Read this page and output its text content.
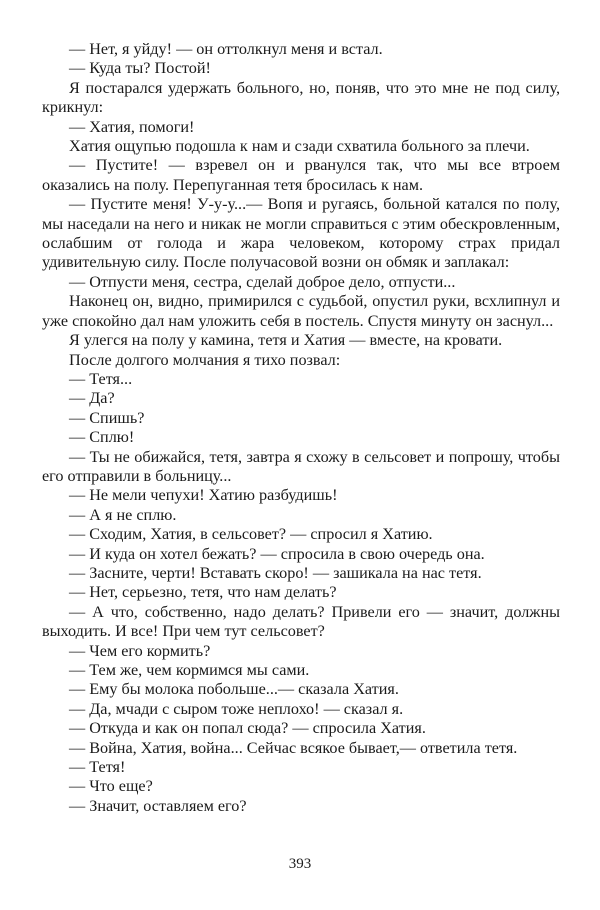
— Нет, я уйду! — он оттолкнул меня и встал.

— Куда ты? Постой!

Я постарался удержать больного, но, поняв, что это мне не под силу, крикнул:

— Хатия, помоги!

Хатия ощупью подошла к нам и сзади схватила больного за плечи.

— Пустите! — взревел он и рванулся так, что мы все втроем оказались на полу. Перепуганная тетя бросилась к нам.

— Пустите меня! У-у-у...— Вопя и ругаясь, больной катался по полу, мы наседали на него и никак не могли справиться с этим обескровленным, ослабшим от голода и жара человеком, которому страх придал удивительную силу. После получасовой возни он обмяк и заплакал:

— Отпусти меня, сестра, сделай доброе дело, отпусти...

Наконец он, видно, примирился с судьбой, опустил руки, всхлипнул и уже спокойно дал нам уложить себя в постель. Спустя минуту он заснул...

Я улегся на полу у камина, тетя и Хатия — вместе, на кровати.

После долгого молчания я тихо позвал:

— Тетя...

— Да?

— Спишь?

— Сплю!

— Ты не обижайся, тетя, завтра я схожу в сельсовет и попрошу, чтобы его отправили в больницу...

— Не мели чепухи! Хатию разбудишь!

— А я не сплю.

— Сходим, Хатия, в сельсовет? — спросил я Хатию.

— И куда он хотел бежать? — спросила в свою очередь она.

— Засните, черти! Вставать скоро! — зашикала на нас тетя.

— Нет, серьезно, тетя, что нам делать?

— А что, собственно, надо делать? Привели его — значит, должны выходить. И все! При чем тут сельсовет?

— Чем его кормить?

— Тем же, чем кормимся мы сами.

— Ему бы молока побольше...— сказала Хатия.

— Да, мчади с сыром тоже неплохо! — сказал я.

— Откуда и как он попал сюда? — спросила Хатия.

— Война, Хатия, война... Сейчас всякое бывает,— ответила тетя.

— Тетя!

— Что еще?

— Значит, оставляем его?

393
